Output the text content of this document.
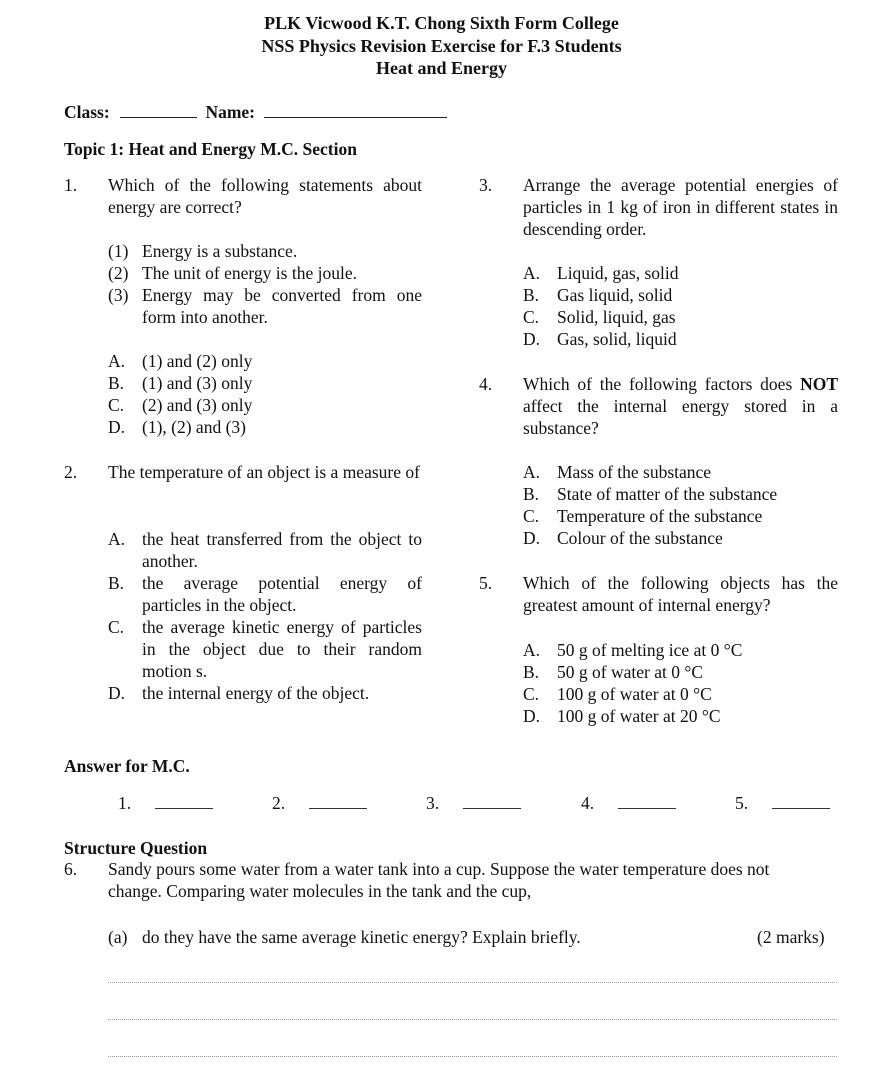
PLK Vicwood K.T. Chong Sixth Form College
NSS Physics Revision Exercise for F.3 Students
Heat and Energy
Class:	Name:
Topic 1: Heat and Energy M.C. Section
1. Which of the following statements about energy are correct?
(1) Energy is a substance.
(2) The unit of energy is the joule.
(3) Energy may be converted from one form into another.
A. (1) and (2) only
B. (1) and (3) only
C. (2) and (3) only
D. (1), (2) and (3)
2. The temperature of an object is a measure of
A. the heat transferred from the object to another.
B. the average potential energy of particles in the object.
C. the average kinetic energy of particles in the object due to their random motion s.
D. the internal energy of the object.
3. Arrange the average potential energies of particles in 1 kg of iron in different states in descending order.
A. Liquid, gas, solid
B. Gas liquid, solid
C. Solid, liquid, gas
D. Gas, solid, liquid
4. Which of the following factors does NOT affect the internal energy stored in a substance?
A. Mass of the substance
B. State of matter of the substance
C. Temperature of the substance
D. Colour of the substance
5. Which of the following objects has the greatest amount of internal energy?
A. 50 g of melting ice at 0 °C
B. 50 g of water at 0 °C
C. 100 g of water at 0 °C
D. 100 g of water at 20 °C
Answer for M.C.
1.	2.	3.	4.	5.
Structure Question
6. Sandy pours some water from a water tank into a cup. Suppose the water temperature does not
change. Comparing water molecules in the tank and the cup,
(a) do they have the same average kinetic energy? Explain briefly.	(2 marks)
